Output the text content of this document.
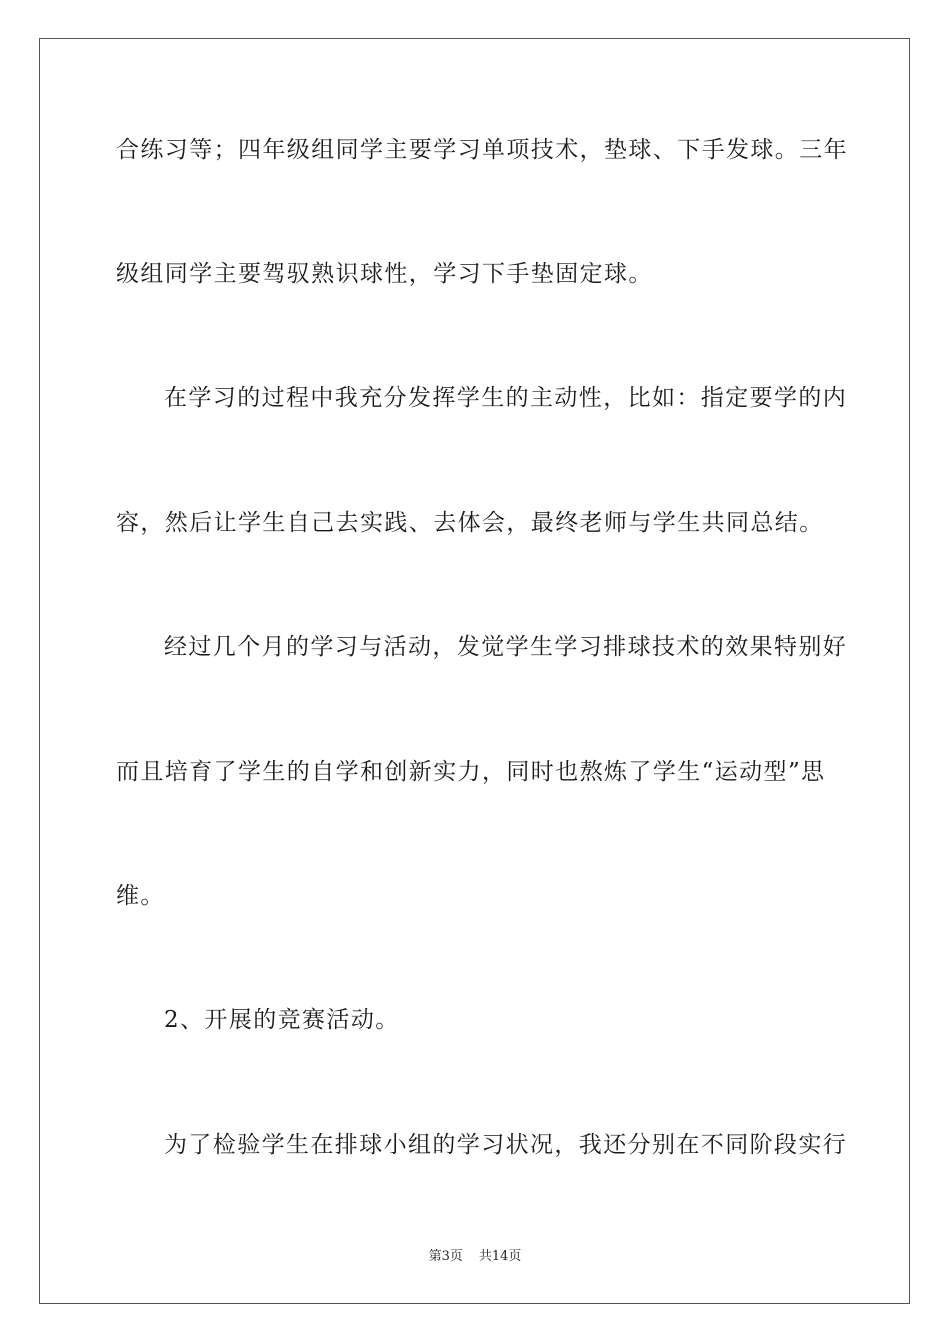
合练习等；四年级组同学主要学习单项技术，垫球、下手发球。三年
级组同学主要驾驭熟识球性，学习下手垫固定球。
在学习的过程中我充分发挥学生的主动性，比如：指定要学的内
容，然后让学生自己去实践、去体会，最终老师与学生共同总结。
经过几个月的学习与活动，发觉学生学习排球技术的效果特别好
而且培育了学生的自学和创新实力，同时也熬炼了学生“运动型”思
维。
2、开展的竞赛活动。
为了检验学生在排球小组的学习状况，我还分别在不同阶段实行
第3页 共14页
